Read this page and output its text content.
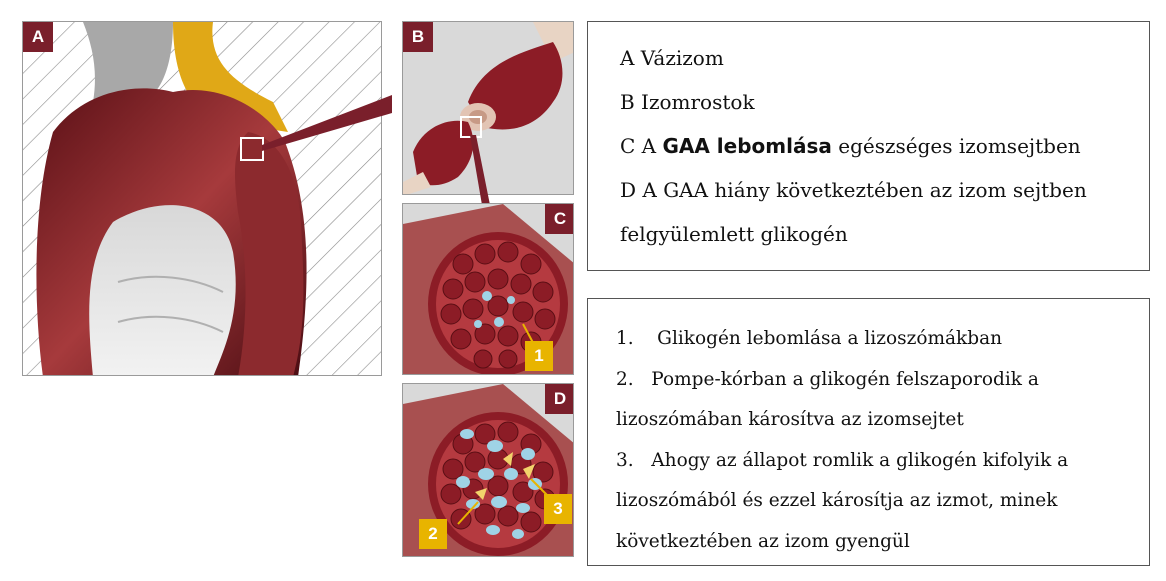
A	B
C
1
D
2
3

A Vázizom

B Izomrostok

C A GAA lebomlása egészséges izomsejtben

D A GAA hiány következtében az izom sejtben

felgyülemlett glikogén

1.    Glikogén lebomlása a lizoszómákban

2.   Pompe-kórban a glikogén felszaporodik a

lizoszómában károsítva az izomsejtet

3.   Ahogy az állapot romlik a glikogén kifolyik a

lizoszómából és ezzel károsítja az izmot, minek

következtében az izom gyengül
